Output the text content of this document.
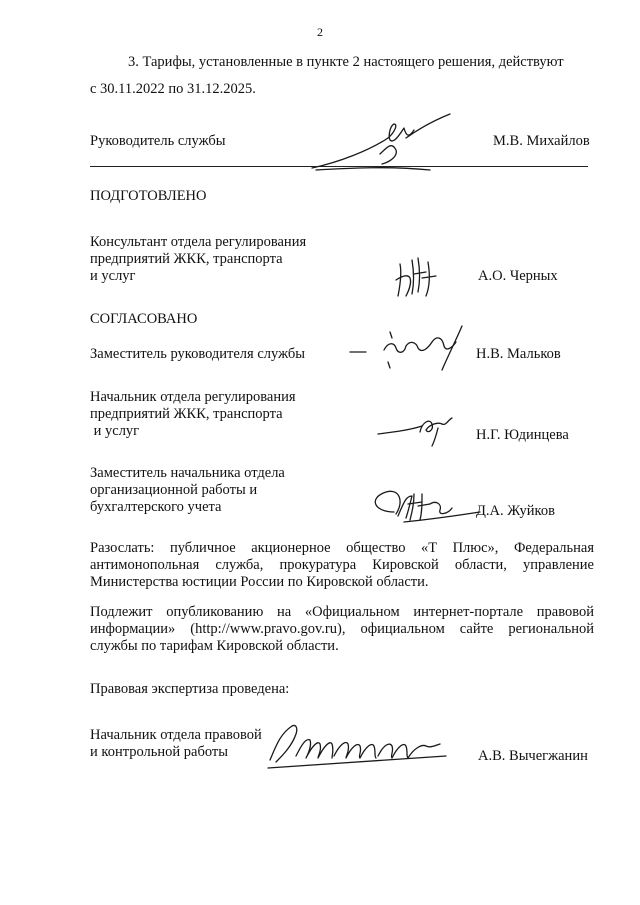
2
3. Тарифы, установленные в пункте 2 настоящего решения, действуют
с 30.11.2022 по 31.12.2025.
Руководитель службы	М.В. Михайлов
ПОДГОТОВЛЕНО
Консультант отдела регулирования
предприятий ЖКК, транспорта
и услуг	А.О. Черных
СОГЛАСОВАНО
Заместитель руководителя службы	Н.В. Мальков
Начальник отдела регулирования
предприятий ЖКК, транспорта
и услуг	Н.Г. Юдинцева
Заместитель начальника отдела
организационной работы и
бухгалтерского учета	Д.А. Жуйков
Разослать: публичное акционерное общество «Т Плюс», Федеральная антимонопольная служба, прокуратура Кировской области, управление Министерства юстиции России по Кировской области.
Подлежит опубликованию на «Официальном интернет-портале правовой информации» (http://www.pravo.gov.ru), официальном сайте региональной службы по тарифам Кировской области.
Правовая экспертиза проведена:
Начальник отдела правовой
и контрольной работы	А.В. Вычегжанин
